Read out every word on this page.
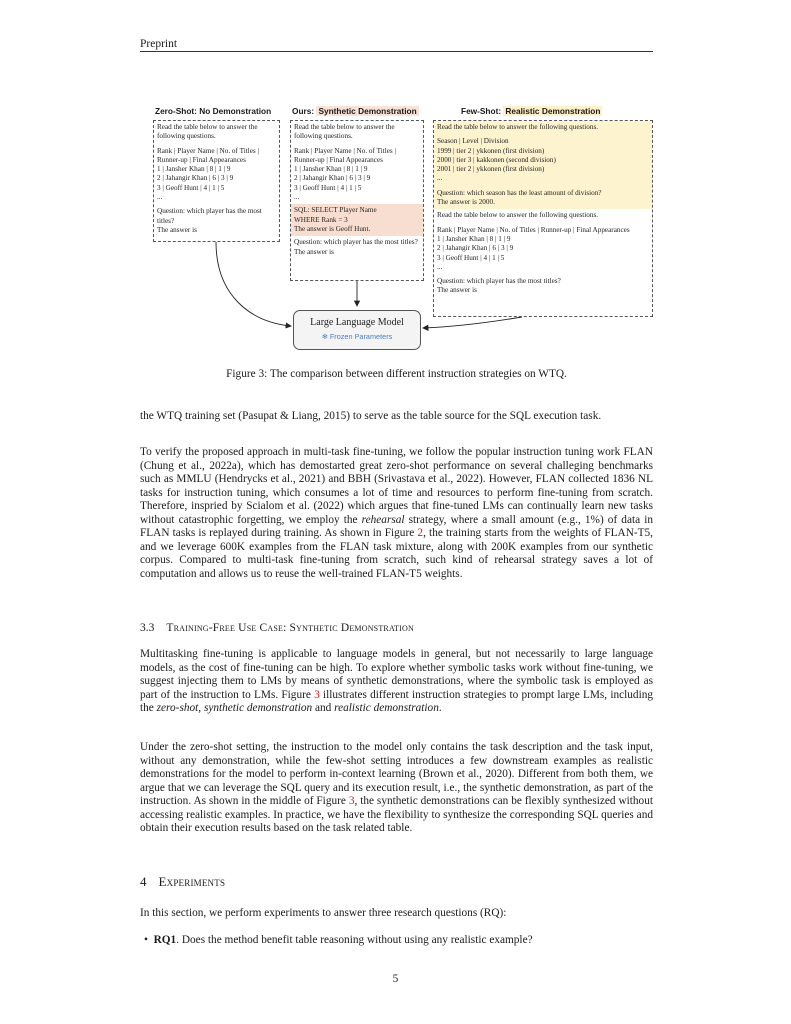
Preprint
Zero-Shot: No Demonstration	Ours: Synthetic Demonstration	Few-Shot: Realistic Demonstration

Read the table below to answer the following questions.

Rank | Player Name | No. of Titles | Runner-up | Final Appearances

1 | Jansher Khan | 8 | 1 | 9

2 | Jahangir Khan | 6 | 3 | 9

3 | Geoff Hunt | 4 | 1 | 5

...

Question: which player has the most titles?

The answer is

Read the table below to answer the following questions.

Rank | Player Name | No. of Titles | Runner-up | Final Appearances

1 | Jansher Khan | 8 | 1 | 9

2 | Jahangir Khan | 6 | 3 | 9

3 | Geoff Hunt | 4 | 1 | 5

...

SQL: SELECT Player Name

WHERE Rank = 3

The answer is Geoff Hunt.

Question: which player has the most titles?

The answer is

Read the table below to answer the following questions.

Season | Level | Division

1999 | tier 2 | ykkonen (first division)

2000 | tier 3 | kakkonen (second division)

2001 | tier 2 | ykkonen (first division)

...

Question: which season has the least amount of division?

The answer is 2000.

Read the table below to answer the following questions.

Rank | Player Name | No. of Titles | Runner-up | Final Appearances

1 | Jansher Khan | 8 | 1 | 9

2 | Jahangir Khan | 6 | 3 | 9

3 | Geoff Hunt | 4 | 1 | 5

...

Question: which player has the most titles?

The answer is

Large Language Model
❄ Frozen Parameters
Figure 3: The comparison between different instruction strategies on WTQ.

the WTQ training set (Pasupat & Liang, 2015) to serve as the table source for the SQL execution task.

To verify the proposed approach in multi-task fine-tuning, we follow the popular instruction tuning work FLAN (Chung et al., 2022a), which has demostarted great zero-shot performance on several challeging benchmarks such as MMLU (Hendrycks et al., 2021) and BBH (Srivastava et al., 2022). However, FLAN collected 1836 NL tasks for instruction tuning, which consumes a lot of time and resources to perform fine-tuning from scratch. Therefore, inspried by Scialom et al. (2022) which argues that fine-tuned LMs can continually learn new tasks without catastrophic forgetting, we employ the rehearsal strategy, where a small amount (e.g., 1%) of data in FLAN tasks is replayed during training. As shown in Figure 2, the training starts from the weights of FLAN-T5, and we leverage 600K examples from the FLAN task mixture, along with 200K examples from our synthetic corpus. Compared to multi-task fine-tuning from scratch, such kind of rehearsal strategy saves a lot of computation and allows us to reuse the well-trained FLAN-T5 weights.

3.3 Training-Free Use Case: Synthetic Demonstration

Multitasking fine-tuning is applicable to language models in general, but not necessarily to large language models, as the cost of fine-tuning can be high. To explore whether symbolic tasks work without fine-tuning, we suggest injecting them to LMs by means of synthetic demonstrations, where the symbolic task is employed as part of the instruction to LMs. Figure 3 illustrates different instruction strategies to prompt large LMs, including the zero-shot, synthetic demonstration and realistic demonstration.

Under the zero-shot setting, the instruction to the model only contains the task description and the task input, without any demonstration, while the few-shot setting introduces a few downstream examples as realistic demonstrations for the model to perform in-context learning (Brown et al., 2020). Different from both them, we argue that we can leverage the SQL query and its execution result, i.e., the synthetic demonstration, as part of the instruction. As shown in the middle of Figure 3, the synthetic demonstrations can be flexibly synthesized without accessing realistic examples. In practice, we have the flexibility to synthesize the corresponding SQL queries and obtain their execution results based on the task related table.

4 Experiments

In this section, we perform experiments to answer three research questions (RQ):

•  RQ1. Does the method benefit table reasoning without using any realistic example?
5
